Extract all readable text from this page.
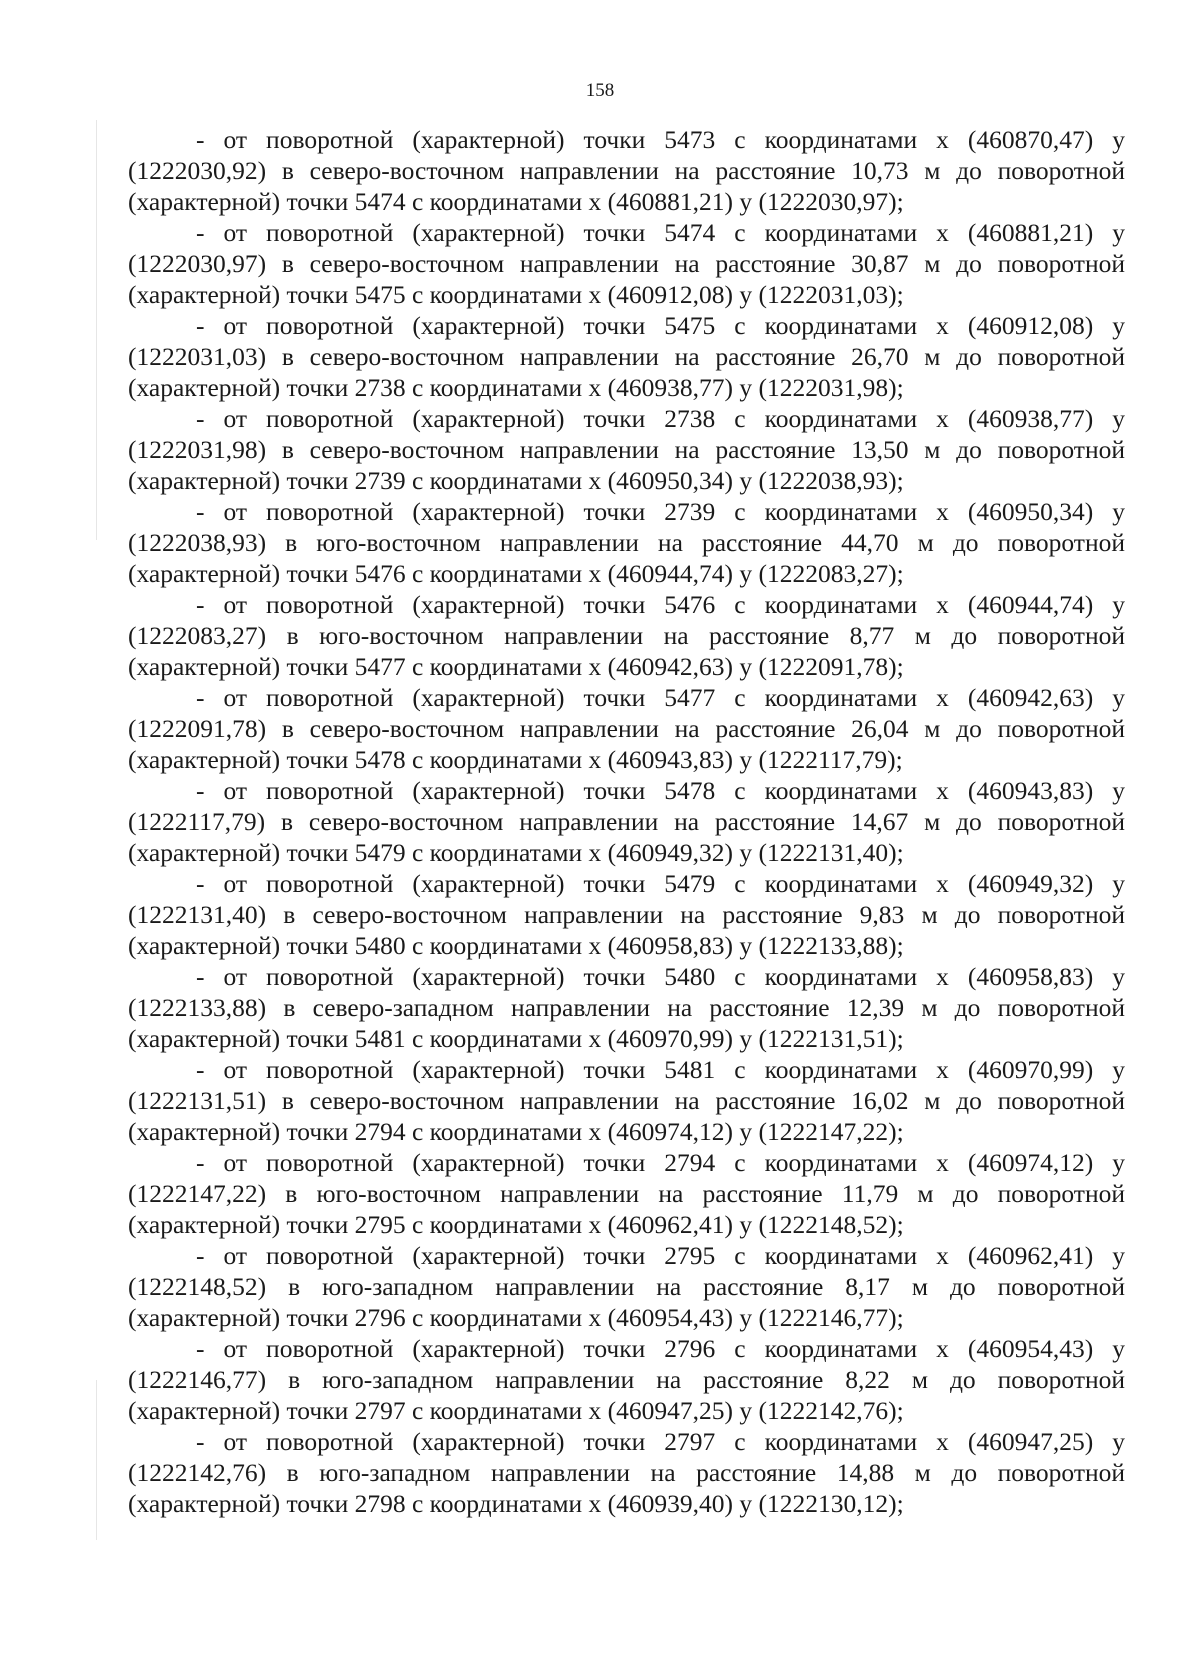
158

- от поворотной (характерной) точки 5473 с координатами x (460870,47) y (1222030,92) в северо-восточном направлении на расстояние 10,73 м до поворотной (характерной) точки 5474 с координатами x (460881,21) y (1222030,97);

- от поворотной (характерной) точки 5474 с координатами x (460881,21) y (1222030,97) в северо-восточном направлении на расстояние 30,87 м до поворотной (характерной) точки 5475 с координатами x (460912,08) y (1222031,03);

- от поворотной (характерной) точки 5475 с координатами x (460912,08) y (1222031,03) в северо-восточном направлении на расстояние 26,70 м до поворотной (характерной) точки 2738 с координатами x (460938,77) y (1222031,98);

- от поворотной (характерной) точки 2738 с координатами x (460938,77) y (1222031,98) в северо-восточном направлении на расстояние 13,50 м до поворотной (характерной) точки 2739 с координатами x (460950,34) y (1222038,93);

- от поворотной (характерной) точки 2739 с координатами x (460950,34) y (1222038,93) в юго-восточном направлении на расстояние 44,70 м до поворотной (характерной) точки 5476 с координатами x (460944,74) y (1222083,27);

- от поворотной (характерной) точки 5476 с координатами x (460944,74) y (1222083,27) в юго-восточном направлении на расстояние 8,77 м до поворотной (характерной) точки 5477 с координатами x (460942,63) y (1222091,78);

- от поворотной (характерной) точки 5477 с координатами x (460942,63) y (1222091,78) в северо-восточном направлении на расстояние 26,04 м до поворотной (характерной) точки 5478 с координатами x (460943,83) y (1222117,79);

- от поворотной (характерной) точки 5478 с координатами x (460943,83) y (1222117,79) в северо-восточном направлении на расстояние 14,67 м до поворотной (характерной) точки 5479 с координатами x (460949,32) y (1222131,40);

- от поворотной (характерной) точки 5479 с координатами x (460949,32) y (1222131,40) в северо-восточном направлении на расстояние 9,83 м до поворотной (характерной) точки 5480 с координатами x (460958,83) y (1222133,88);

- от поворотной (характерной) точки 5480 с координатами x (460958,83) y (1222133,88) в северо-западном направлении на расстояние 12,39 м до поворотной (характерной) точки 5481 с координатами x (460970,99) y (1222131,51);

- от поворотной (характерной) точки 5481 с координатами x (460970,99) y (1222131,51) в северо-восточном направлении на расстояние 16,02 м до поворотной (характерной) точки 2794 с координатами x (460974,12) y (1222147,22);

- от поворотной (характерной) точки 2794 с координатами x (460974,12) y (1222147,22) в юго-восточном направлении на расстояние 11,79 м до поворотной (характерной) точки 2795 с координатами x (460962,41) y (1222148,52);

- от поворотной (характерной) точки 2795 с координатами x (460962,41) y (1222148,52) в юго-западном направлении на расстояние 8,17 м до поворотной (характерной) точки 2796 с координатами x (460954,43) y (1222146,77);

- от поворотной (характерной) точки 2796 с координатами x (460954,43) y (1222146,77) в юго-западном направлении на расстояние 8,22 м до поворотной (характерной) точки 2797 с координатами x (460947,25) y (1222142,76);

- от поворотной (характерной) точки 2797 с координатами x (460947,25) y (1222142,76) в юго-западном направлении на расстояние 14,88 м до поворотной (характерной) точки 2798 с координатами x (460939,40) y (1222130,12);
